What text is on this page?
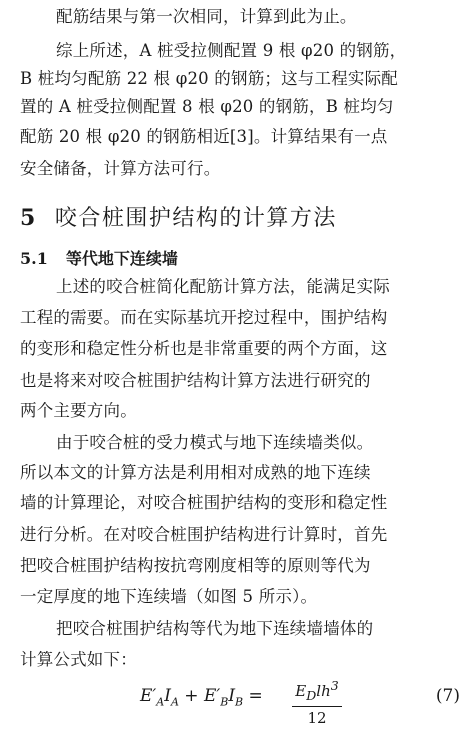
配筋结果与第一次相同，计算到此为止。
综上所述，A 桩受拉侧配置 9 根 φ20 的钢筋，
B 桩均匀配筋 22 根 φ20 的钢筋；这与工程实际配
置的 A 桩受拉侧配置 8 根 φ20 的钢筋，B 桩均匀
配筋 20 根 φ20 的钢筋相近[3]。计算结果有一点
安全储备，计算方法可行。
5 咬合桩围护结构的计算方法
5.1 等代地下连续墙
上述的咬合桩简化配筋计算方法，能满足实际
工程的需要。而在实际基坑开挖过程中，围护结构
的变形和稳定性分析也是非常重要的两个方面，这
也是将来对咬合桩围护结构计算方法进行研究的
两个主要方向。
由于咬合桩的受力模式与地下连续墙类似。
所以本文的计算方法是利用相对成熟的地下连续
墙的计算理论，对咬合桩围护结构的变形和稳定性
进行分析。在对咬合桩围护结构进行计算时，首先
把咬合桩围护结构按抗弯刚度相等的原则等代为
一定厚度的地下连续墙（如图 5 所示）。
把咬合桩围护结构等代为地下连续墙墙体的
计算公式如下：
$E'_AI_A + E'_BI_B = E_Dlh^3$
12
(7)
